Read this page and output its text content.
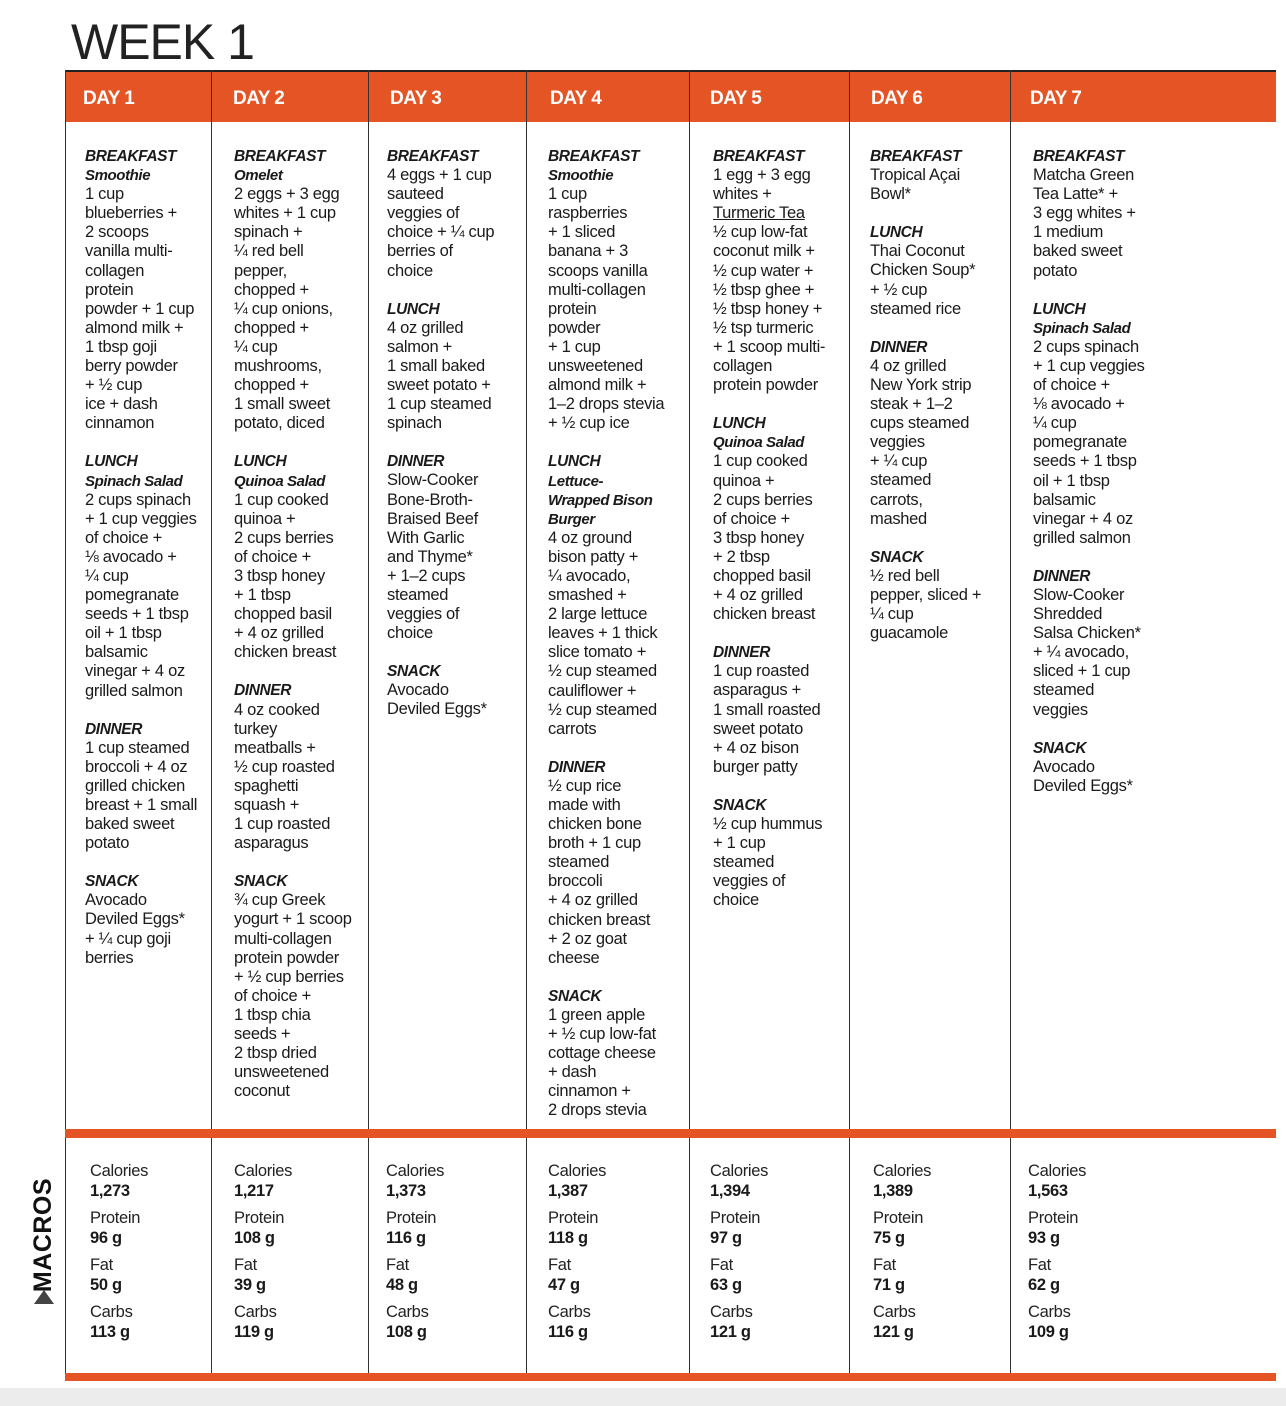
WEEK 1
DAY 1
BREAKFAST
Smoothie
1 cup
blueberries +
2 scoops
vanilla multi-
collagen
protein
powder + 1 cup
almond milk +
1 tbsp goji
berry powder
+ ½ cup
ice + dash
cinnamon
LUNCH
Spinach Salad
2 cups spinach
+ 1 cup veggies
of choice +
⅛ avocado +
¼ cup
pomegranate
seeds + 1 tbsp
oil + 1 tbsp
balsamic
vinegar + 4 oz
grilled salmon
DINNER
1 cup steamed
broccoli + 4 oz
grilled chicken
breast + 1 small
baked sweet
potato
SNACK
Avocado
Deviled Eggs*
+ ¼ cup goji
berries
Calories
1,273
Protein
96 g
Fat
50 g
Carbs
113 g
DAY 2
BREAKFAST
Omelet
2 eggs + 3 egg
whites + 1 cup
spinach +
¼ red bell
pepper,
chopped +
¼ cup onions,
chopped +
¼ cup
mushrooms,
chopped +
1 small sweet
potato, diced
LUNCH
Quinoa Salad
1 cup cooked
quinoa +
2 cups berries
of choice +
3 tbsp honey
+ 1 tbsp
chopped basil
+ 4 oz grilled
chicken breast
DINNER
4 oz cooked
turkey
meatballs +
½ cup roasted
spaghetti
squash +
1 cup roasted
asparagus
SNACK
¾ cup Greek
yogurt + 1 scoop
multi-collagen
protein powder
+ ½ cup berries
of choice +
1 tbsp chia
seeds +
2 tbsp dried
unsweetened
coconut
Calories
1,217
Protein
108 g
Fat
39 g
Carbs
119 g
DAY 3
BREAKFAST
4 eggs + 1 cup
sauteed
veggies of
choice + ¼ cup
berries of
choice
LUNCH
4 oz grilled
salmon +
1 small baked
sweet potato +
1 cup steamed
spinach
DINNER
Slow-Cooker
Bone-Broth-
Braised Beef
With Garlic
and Thyme*
+ 1–2 cups
steamed
veggies of
choice
SNACK
Avocado
Deviled Eggs*
Calories
1,373
Protein
116 g
Fat
48 g
Carbs
108 g
DAY 4
BREAKFAST
Smoothie
1 cup
raspberries
+ 1 sliced
banana + 3
scoops vanilla
multi-collagen
protein
powder
+ 1 cup
unsweetened
almond milk +
1–2 drops stevia
+ ½ cup ice
LUNCH
Lettuce-
Wrapped Bison
Burger
4 oz ground
bison patty +
¼ avocado,
smashed +
2 large lettuce
leaves + 1 thick
slice tomato +
½ cup steamed
cauliflower +
½ cup steamed
carrots
DINNER
½ cup rice
made with
chicken bone
broth + 1 cup
steamed
broccoli
+ 4 oz grilled
chicken breast
+ 2 oz goat
cheese
SNACK
1 green apple
+ ½ cup low-fat
cottage cheese
+ dash
cinnamon +
2 drops stevia
Calories
1,387
Protein
118 g
Fat
47 g
Carbs
116 g
DAY 5
BREAKFAST
1 egg + 3 egg
whites +
Turmeric Tea
½ cup low-fat
coconut milk +
½ cup water +
½ tbsp ghee +
½ tbsp honey +
½ tsp turmeric
+ 1 scoop multi-
collagen
protein powder
LUNCH
Quinoa Salad
1 cup cooked
quinoa +
2 cups berries
of choice +
3 tbsp honey
+ 2 tbsp
chopped basil
+ 4 oz grilled
chicken breast
DINNER
1 cup roasted
asparagus +
1 small roasted
sweet potato
+ 4 oz bison
burger patty
SNACK
½ cup hummus
+ 1 cup
steamed
veggies of
choice
Calories
1,394
Protein
97 g
Fat
63 g
Carbs
121 g
DAY 6
BREAKFAST
Tropical Açai
Bowl*
LUNCH
Thai Coconut
Chicken Soup*
+ ½ cup
steamed rice
DINNER
4 oz grilled
New York strip
steak + 1–2
cups steamed
veggies
+ ¼ cup
steamed
carrots,
mashed
SNACK
½ red bell
pepper, sliced +
¼ cup
guacamole
Calories
1,389
Protein
75 g
Fat
71 g
Carbs
121 g
DAY 7
BREAKFAST
Matcha Green
Tea Latte* +
3 egg whites +
1 medium
baked sweet
potato
LUNCH
Spinach Salad
2 cups spinach
+ 1 cup veggies
of choice +
⅛ avocado +
¼ cup
pomegranate
seeds + 1 tbsp
oil + 1 tbsp
balsamic
vinegar + 4 oz
grilled salmon
DINNER
Slow-Cooker
Shredded
Salsa Chicken*
+ ¼ avocado,
sliced + 1 cup
steamed
veggies
SNACK
Avocado
Deviled Eggs*
Calories
1,563
Protein
93 g
Fat
62 g
Carbs
109 g
MACROS
